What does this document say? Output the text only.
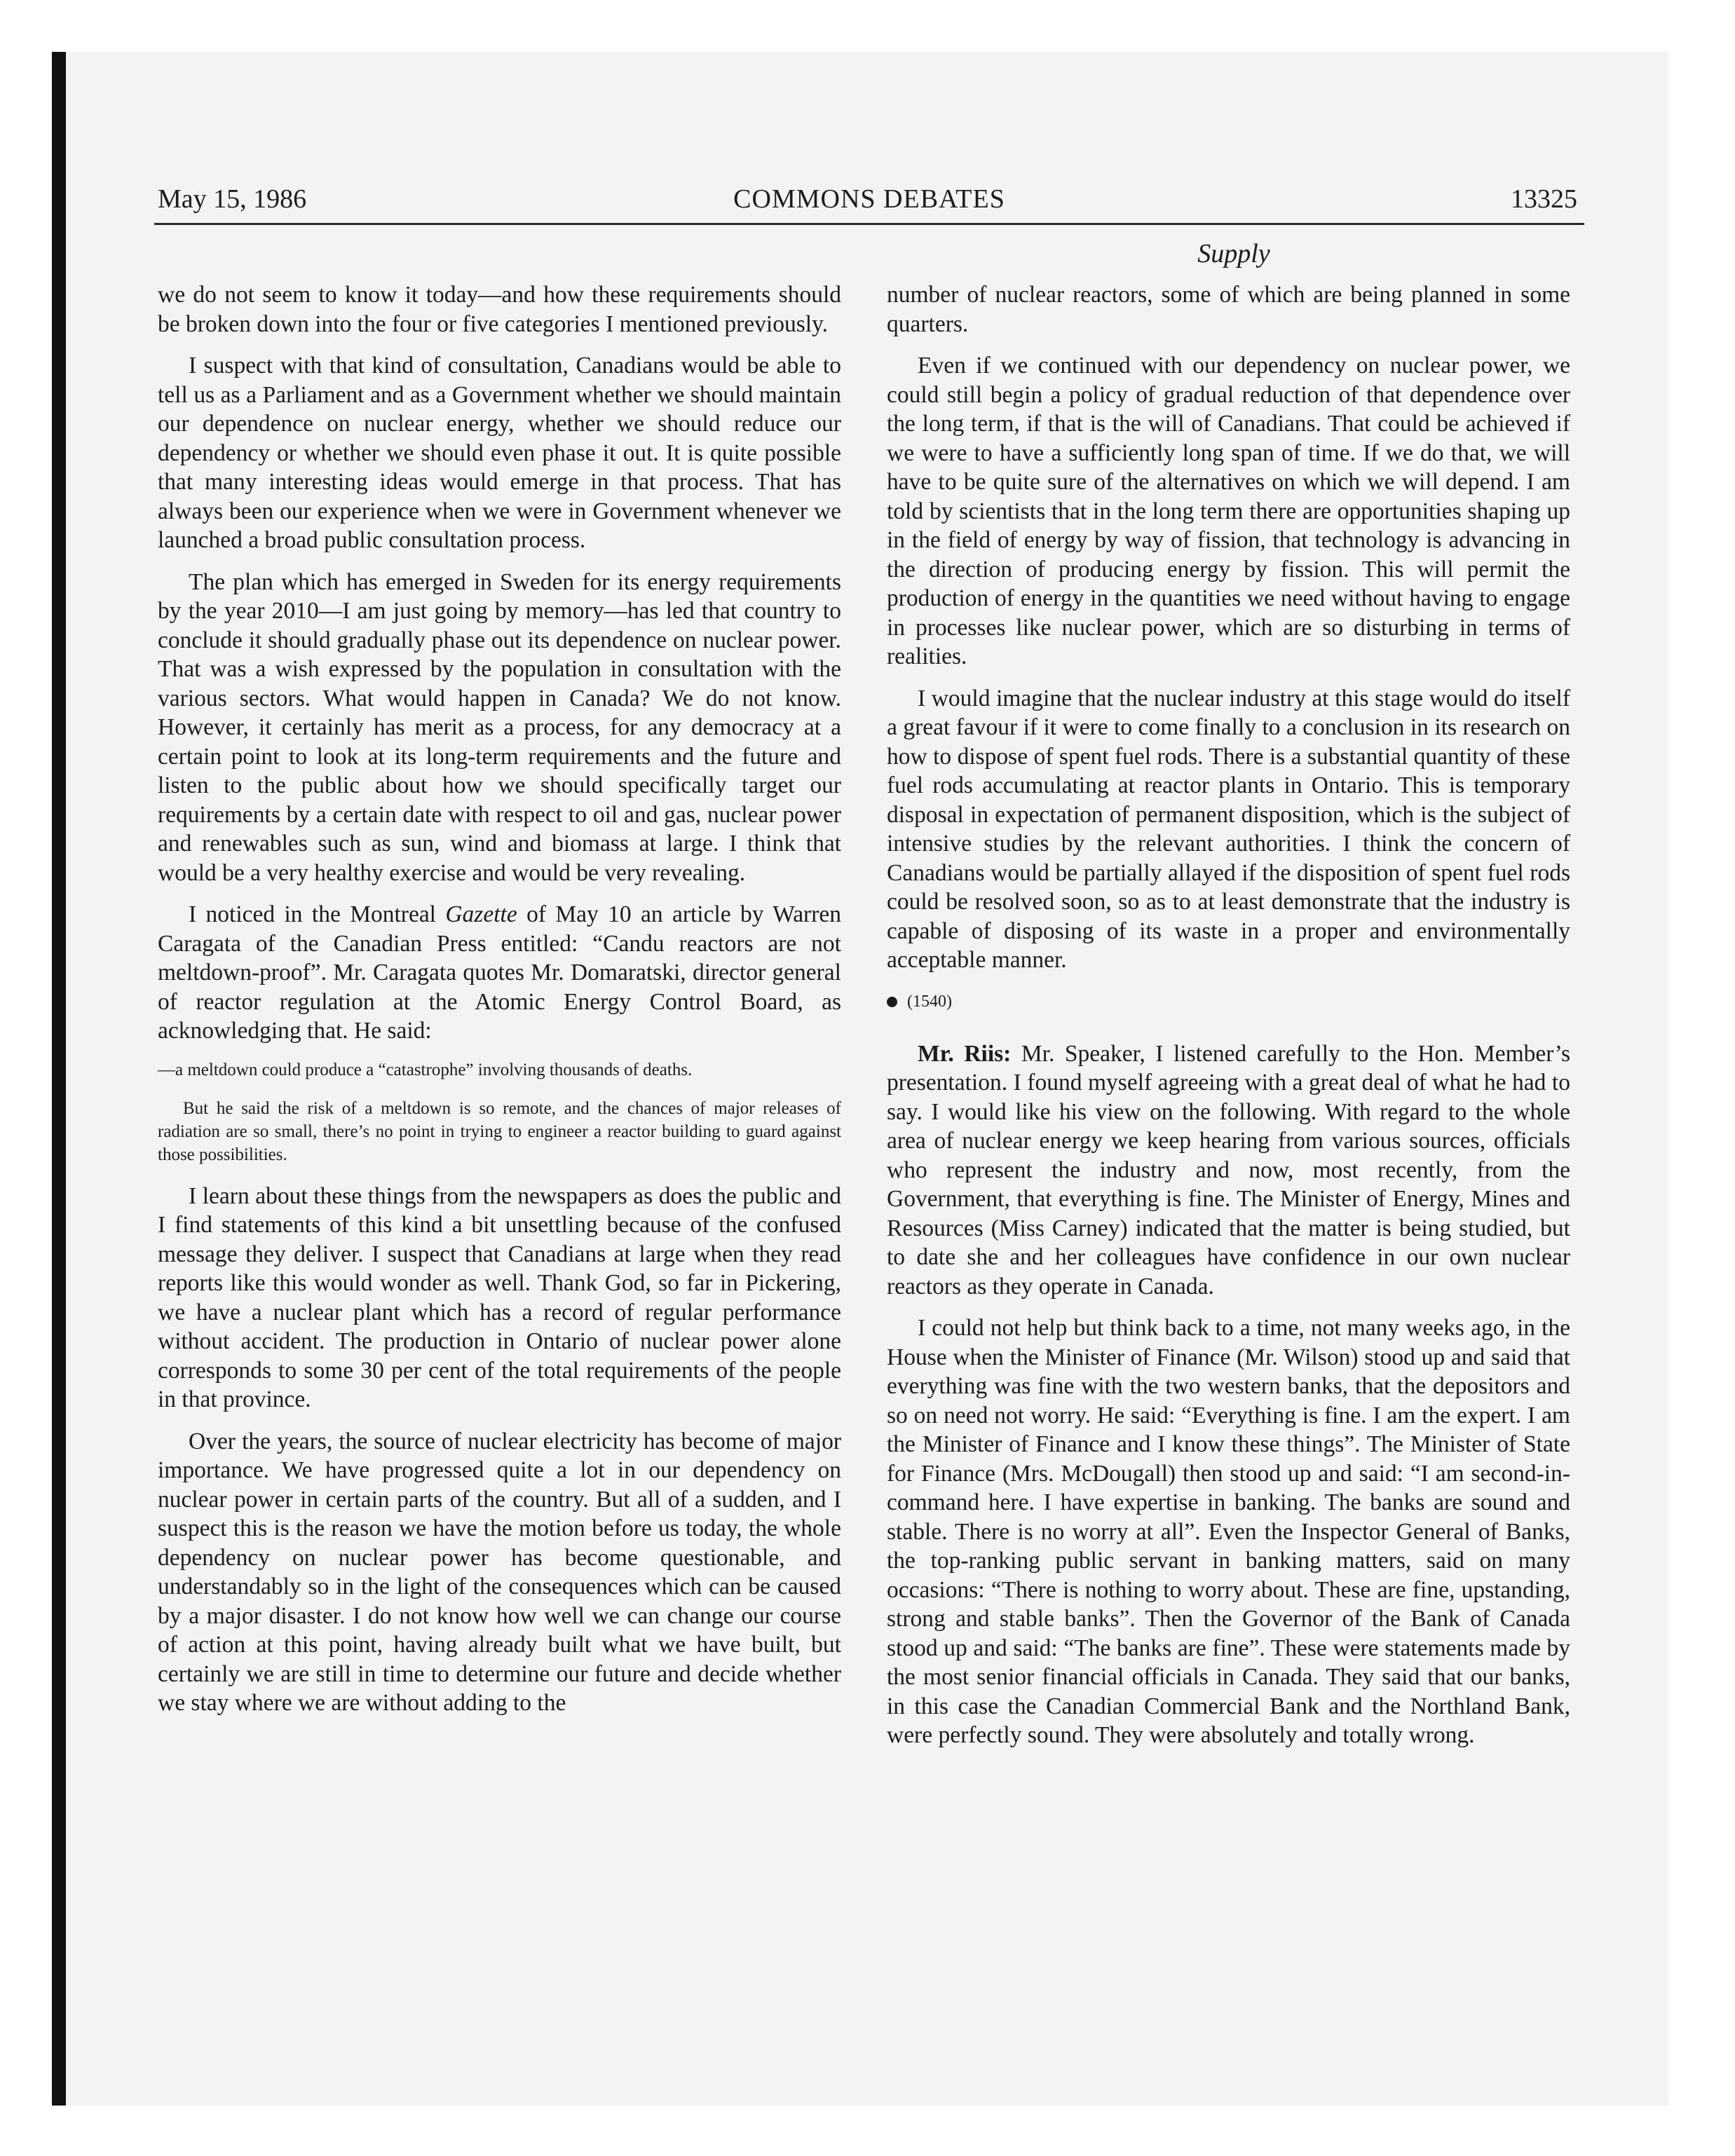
May 15, 1986	COMMONS DEBATES	13325
Supply

we do not seem to know it today—and how these requirements should be broken down into the four or five categories I mentioned previously.

I suspect with that kind of consultation, Canadians would be able to tell us as a Parliament and as a Government whether we should maintain our dependence on nuclear energy, whether we should reduce our dependency or whether we should even phase it out. It is quite possible that many interesting ideas would emerge in that process. That has always been our experience when we were in Government whenever we launched a broad public consultation process.

The plan which has emerged in Sweden for its energy requirements by the year 2010—I am just going by memory—has led that country to conclude it should gradually phase out its dependence on nuclear power. That was a wish expressed by the population in consultation with the various sectors. What would happen in Canada? We do not know. However, it certainly has merit as a process, for any democracy at a certain point to look at its long-term requirements and the future and listen to the public about how we should specifically target our requirements by a certain date with respect to oil and gas, nuclear power and renewables such as sun, wind and biomass at large. I think that would be a very healthy exercise and would be very revealing.

I noticed in the Montreal Gazette of May 10 an article by Warren Caragata of the Canadian Press entitled: “Candu reactors are not meltdown-proof”. Mr. Caragata quotes Mr. Domaratski, director general of reactor regulation at the Atomic Energy Control Board, as acknowledging that. He said:

—a meltdown could produce a “catastrophe” involving thousands of deaths.

But he said the risk of a meltdown is so remote, and the chances of major releases of radiation are so small, there’s no point in trying to engineer a reactor building to guard against those possibilities.

I learn about these things from the newspapers as does the public and I find statements of this kind a bit unsettling because of the confused message they deliver. I suspect that Canadians at large when they read reports like this would wonder as well. Thank God, so far in Pickering, we have a nuclear plant which has a record of regular performance without accident. The production in Ontario of nuclear power alone corresponds to some 30 per cent of the total requirements of the people in that province.

Over the years, the source of nuclear electricity has become of major importance. We have progressed quite a lot in our dependency on nuclear power in certain parts of the country. But all of a sudden, and I suspect this is the reason we have the motion before us today, the whole dependency on nuclear power has become questionable, and understandably so in the light of the consequences which can be caused by a major disaster. I do not know how well we can change our course of action at this point, having already built what we have built, but certainly we are still in time to determine our future and decide whether we stay where we are without adding to the

number of nuclear reactors, some of which are being planned in some quarters.

Even if we continued with our dependency on nuclear power, we could still begin a policy of gradual reduction of that dependence over the long term, if that is the will of Canadians. That could be achieved if we were to have a sufficiently long span of time. If we do that, we will have to be quite sure of the alternatives on which we will depend. I am told by scientists that in the long term there are opportunities shaping up in the field of energy by way of fission, that technology is advancing in the direction of producing energy by fission. This will permit the production of energy in the quantities we need without having to engage in processes like nuclear power, which are so disturbing in terms of realities.

I would imagine that the nuclear industry at this stage would do itself a great favour if it were to come finally to a conclusion in its research on how to dispose of spent fuel rods. There is a substantial quantity of these fuel rods accumulating at reactor plants in Ontario. This is temporary disposal in expectation of permanent disposition, which is the subject of intensive studies by the relevant authorities. I think the concern of Canadians would be partially allayed if the disposition of spent fuel rods could be resolved soon, so as to at least demonstrate that the industry is capable of disposing of its waste in a proper and environmentally acceptable manner.

(1540)

Mr. Riis: Mr. Speaker, I listened carefully to the Hon. Member’s presentation. I found myself agreeing with a great deal of what he had to say. I would like his view on the following. With regard to the whole area of nuclear energy we keep hearing from various sources, officials who represent the industry and now, most recently, from the Government, that everything is fine. The Minister of Energy, Mines and Resources (Miss Carney) indicated that the matter is being studied, but to date she and her colleagues have confidence in our own nuclear reactors as they operate in Canada.

I could not help but think back to a time, not many weeks ago, in the House when the Minister of Finance (Mr. Wilson) stood up and said that everything was fine with the two western banks, that the depositors and so on need not worry. He said: “Everything is fine. I am the expert. I am the Minister of Finance and I know these things”. The Minister of State for Finance (Mrs. McDougall) then stood up and said: “I am second-in-command here. I have expertise in banking. The banks are sound and stable. There is no worry at all”. Even the Inspector General of Banks, the top-ranking public servant in banking matters, said on many occasions: “There is nothing to worry about. These are fine, upstanding, strong and stable banks”. Then the Governor of the Bank of Canada stood up and said: “The banks are fine”. These were statements made by the most senior financial officials in Canada. They said that our banks, in this case the Canadian Commercial Bank and the Northland Bank, were perfectly sound. They were absolutely and totally wrong.
